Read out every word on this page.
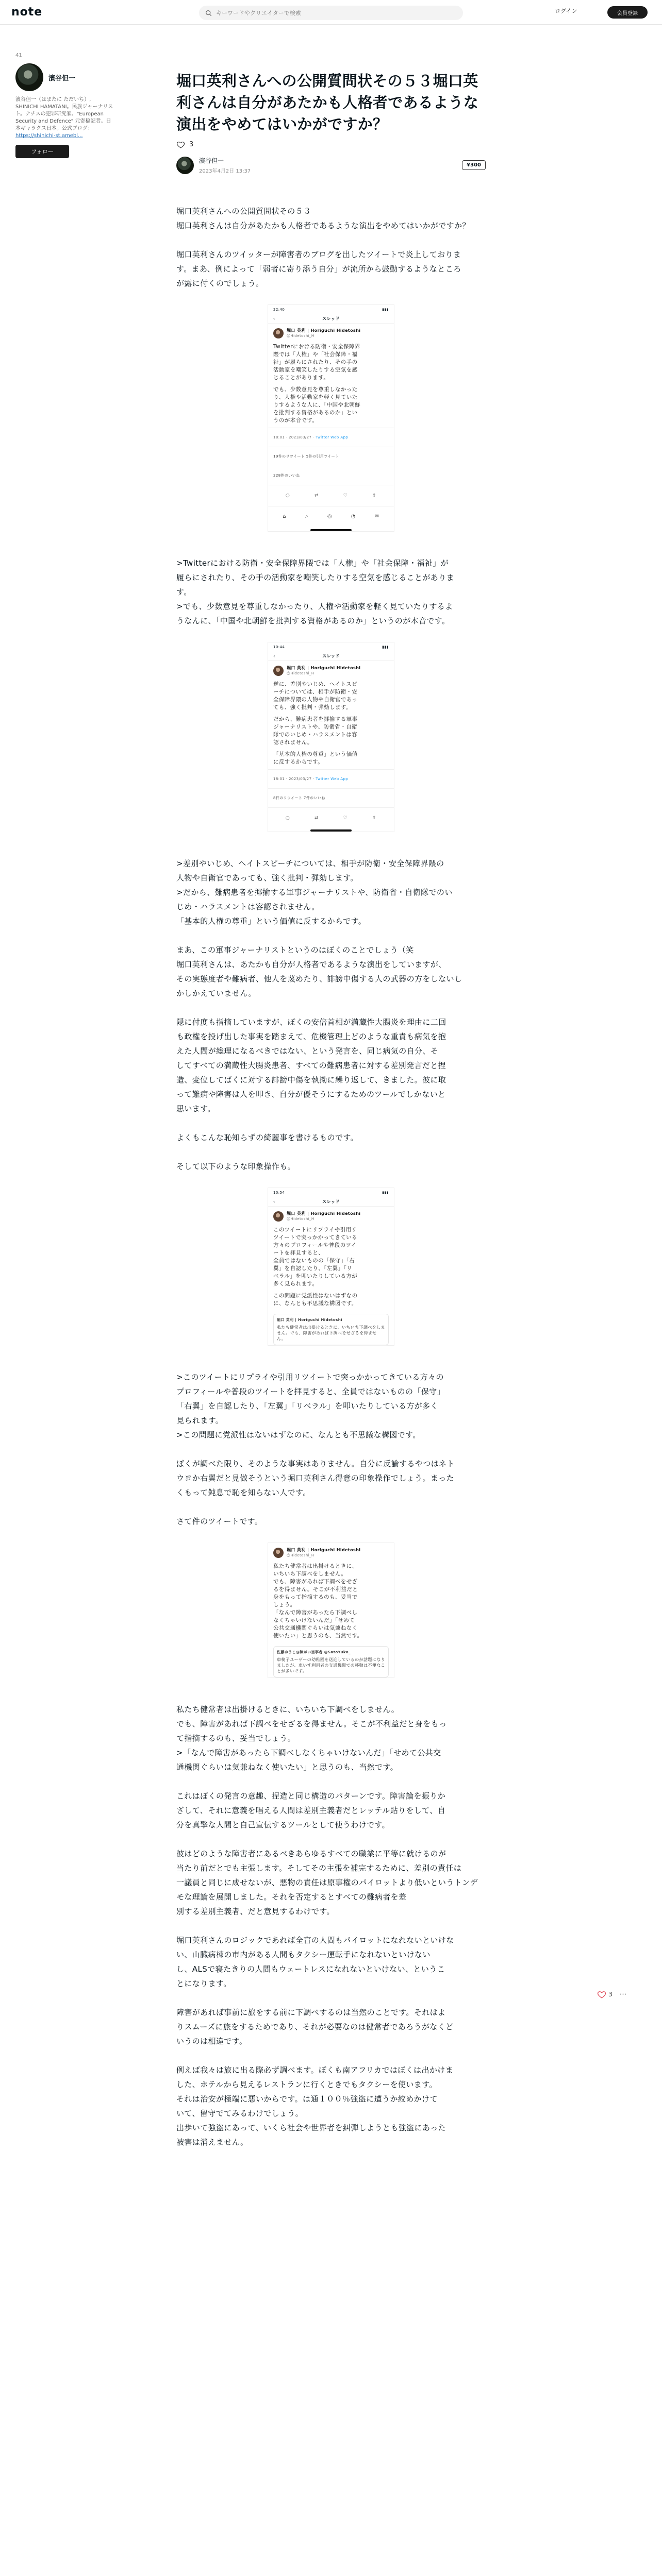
note
キーワードやクリエイターで検索	ログイン	会員登録
41
濱谷但一
濱谷但一（はまたに ただいち）, SHINICHI HAMATANI。民族ジャーナリスト。ナチスの犯罪研究家。"European Security and Defence" 元寄稿記者。日本ギャラクス日本。公式ブログ： https://shinichi-st.amebl...
フォロー
堀口英利さんへの公開質問状その５３堀口英利さんは自分があたかも人格者であるような演出をやめてはいかがですか？
3
濱谷但一
2023年4月2日 13:37
¥300
堀口英利さんへの公開質問状その５３
堀口英利さんは自分があたかも人格者であるような演出をやめてはいかがですか？
堀口英利さんのツイッターが障害者のブログを出したツイートで炎上しておりま
す。まあ、例によって「弱者に寄り添う自分」が流所から鼓動するようなところ
が露に付くのでしょう。
22:40	▮▮▮
‹	スレッド
堀口 英利 | Horiguchi Hidetoshi
@Hidetoshi_H
Twitterにおける防衛・安全保障界
隈では「人権」や「社会保障・福
祉」が履らにされたり、その手の
活動家を嘲笑したりする空気を感
じることがあります。
でも、少数意見を尊重しなかった
り、人権や活動家を軽く見ていた
りするような人に、「中国や北朝鮮
を批判する資格があるのか」とい
うのが本音です。
18:01 · 2023/03/27 · Twitter Web App
19件のリツイート 5件の引用ツイート
228件のいいね
○	⇄	♡	⇪
⌂	⌕	◎	◔	✉
>Twitterにおける防衛・安全保障界隈では「人権」や「社会保障・福祉」が
履らにされたり、その手の活動家を嘲笑したりする空気を感じることがありま
す。
>でも、少数意見を尊重しなかったり、人権や活動家を軽く見ていたりするよ
うなんに、「中国や北朝鮮を批判する資格があるのか」というのが本音です。
10:44	▮▮▮
‹	スレッド
堀口 英利 | Horiguchi Hidetoshi
@Hidetoshi_H
逆に、差別やいじめ、ヘイトスピ
ーチについては、相手が防衛・安
全保障界隈の人物や自衛官であっ
ても、強く批判・弾劾します。
だから、難病患者を揶揄する軍事
ジャーナリストや、防衛省・自衛
隊でのいじめ・ハラスメントは容
認されません。
「基本的人権の尊重」という価値
に反するからです。
18:01 · 2023/03/27 · Twitter Web App
8件のリツイート 7件のいいね
○	⇄	♡	⇪
>差別やいじめ、ヘイトスピーチについては、相手が防衛・安全保障界隈の
人物や自衛官であっても、強く批判・弾劾します。
>だから、難病患者を揶揄する軍事ジャーナリストや、防衛省・自衛隊でのい
じめ・ハラスメントは容認されません。
「基本的人権の尊重」という価値に反するからです。
まあ、この軍事ジャーナリストというのはぼくのことでしょう（笑
堀口英利さんは、あたかも自分が人格者であるような演出をしていますが、
その実態度者や難病者、他人を蔑めたり、誹謗中傷する人の武器の方をしないし
かしかえていません。
隠に付度も指摘していますが、ぼくの安倍首相が満蔵性大腸炎を理由に二回
も政権を投げ出した事実を踏まえて、危機管理上どのような重責も病気を抱
えた人間が総理になるべきではない、という発言を、同じ病気の自分、そ
してすべての満蔵性大腸炎患者、すべての難病患者に対する差別発言だと捏
造、変位してばくに対する誹謗中傷を執拗に繰り返して、きました。彼に取
って難病や障害は人を叩き、自分が優そうにするためのツールでしかないと
思います。
よくもこんな恥知らずの綺麗事を書けるものです。
そして以下のような印象操作も。
10:54	▮▮▮
‹	スレッド
堀口 英利 | Horiguchi Hidetoshi
@Hidetoshi_H
このツイートにリプライや引用リ
ツイートで突っかかってきている
方々のプロフィールや普段のツイ
ートを拝見すると、
全員ではないものの「保守」「右
翼」を自認したり、「左翼」「リ
ベラル」を叩いたりしている方が
多く見られます。
この問題に党派性はないはずなの
に、なんとも不思議な構図です。
堀口 英利 | Horiguchi Hidetoshi
私たち健常者は出掛けるときに、いちいち下調べをしません。でも、障害があれば下調べをせざるを得ません。
>このツイートにリプライや引用リツイートで突っかかってきている方々の
プロフィールや普段のツイートを拝見すると、全員ではないものの「保守」
「右翼」を自認したり、「左翼」「リベラル」を叩いたりしている方が多く
見られます。
>この問題に党派性はないはずなのに、なんとも不思議な構図です。
ぼくが調べた限り、そのような事実はありません。自分に反論するやつはネト
ウヨか右翼だと見做そうという堀口英利さん得意の印象操作でしょう。まった
くもって鈍息で恥を知らない人です。
さて件のツイートです。
堀口 英利 | Horiguchi Hidetoshi
@Hidetoshi_H
私たち健常者は出掛けるときに、
いちいち下調べをしません。
でも、障害があれば下調べをせざ
るを得ません。そこが不利益だと
身をもって指摘するのも、妥当で
しょう。
「なんで障害があったら下調べし
なくちゃいけないんだ」「せめて
公共交通機関ぐらいは気兼ねなく
使いたい」と思うのも、当然です。
佐藤ゆうこ@障がい当事者 @SatoYuko_
車椅子ユーザーの幼稚園を送迎しているのが話題になりましたが、車いす利用者の交通機関での移動は不便なことが多いです。
私たち健常者は出掛けるときに、いちいち下調べをしません。
でも、障害があれば下調べをせざるを得ません。そこが不利益だと身をもっ
て指摘するのも、妥当でしょう。
>「なんで障害があったら下調べしなくちゃいけないんだ」「せめて公共交
通機関ぐらいは気兼ねなく使いたい」と思うのも、当然です。
これはぼくの発言の意趣、捏造と同じ構造のパターンです。障害論を振りか
ざして、それに意義を唱える人間は差別主義者だとレッテル貼りをして、自
分を真擎な人間と自己宣伝するツールとして使うわけです。
彼はどのような障害者にあるべきあらゆるすべての職業に平等に就けるのが
当たり前だとでも主張します。そしてその主張を補完するために、差別の責任は
一議員と同じに成せないが、悪物の責任は原事権のパイロットより低いというトンデ
モな理論を展開しました。それを否定するとすべての難病者を差
別する差別主義者、だと意見するわけです。
堀口英利さんのロジックであれば全盲の人間もパイロットになれないといけな
い、山臓病棟の市内がある人間もタクシー運転手になれないといけない
し、ALSで寝たきりの人間もウェートレスになれないといけない、というこ
とになります。
障害があれば事前に旅をする前に下調べするのは当然のことです。それはよ
りスムーズに旅をするためであり、それが必要なのは健常者であろうがなくど
いうのは相違です。
例えば我々は旅に出る際必ず調べます。ぼくも南アフリカではぼくは出かけま
した、ホテルから見えるレストランに行くときでもタクシーを使います。
それは治安が極端に悪いからです。は通１００％強盗に遭うか絞めかけて
いて、留守でてみるわけでしょう。
出歩いて強盗にあって、いくら社会や世界者を糾弾しようとも強盗にあった
被害は消えません。
3 ⋯
